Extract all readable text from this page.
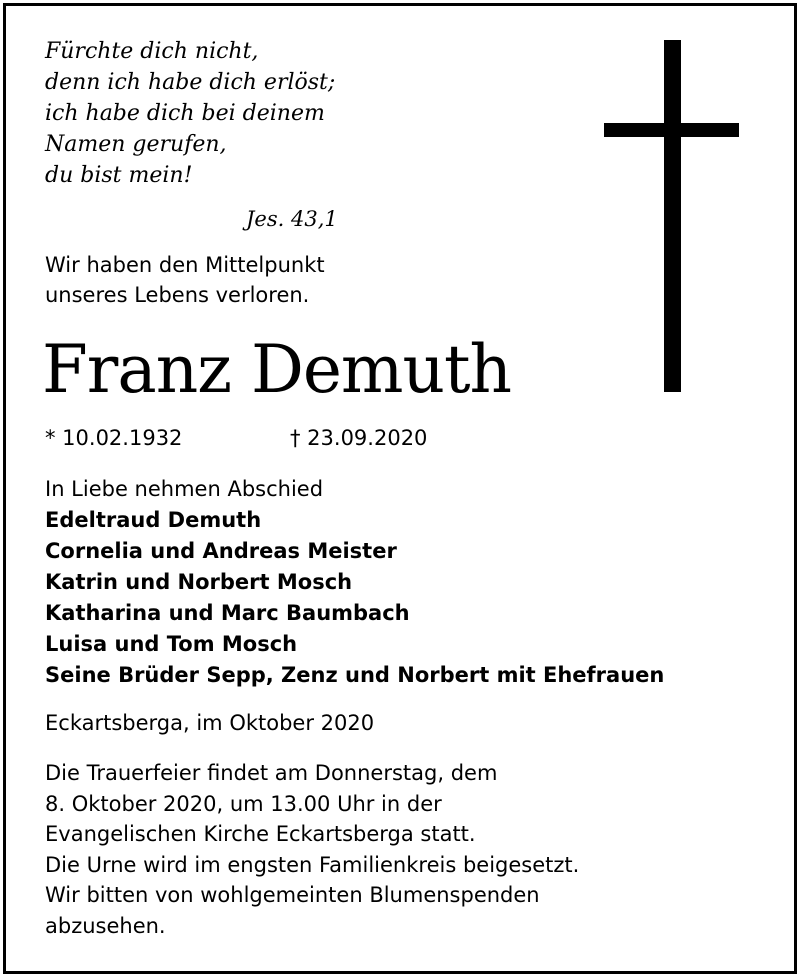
Fürchte dich nicht,
denn ich habe dich erlöst;
ich habe dich bei deinem
Namen gerufen,
du bist mein!
Jes. 43,1
Wir haben den Mittelpunkt
unseres Lebens verloren.
Franz Demuth
* 10.02.1932	† 23.09.2020
In Liebe nehmen Abschied
Edeltraud Demuth
Cornelia und Andreas Meister
Katrin und Norbert Mosch
Katharina und Marc Baumbach
Luisa und Tom Mosch
Seine Brüder Sepp, Zenz und Norbert mit Ehefrauen
Eckartsberga, im Oktober 2020
Die Trauerfeier findet am Donnerstag, dem
8. Oktober 2020, um 13.00 Uhr in der
Evangelischen Kirche Eckartsberga statt.
Die Urne wird im engsten Familienkreis beigesetzt.
Wir bitten von wohlgemeinten Blumenspenden
abzusehen.
